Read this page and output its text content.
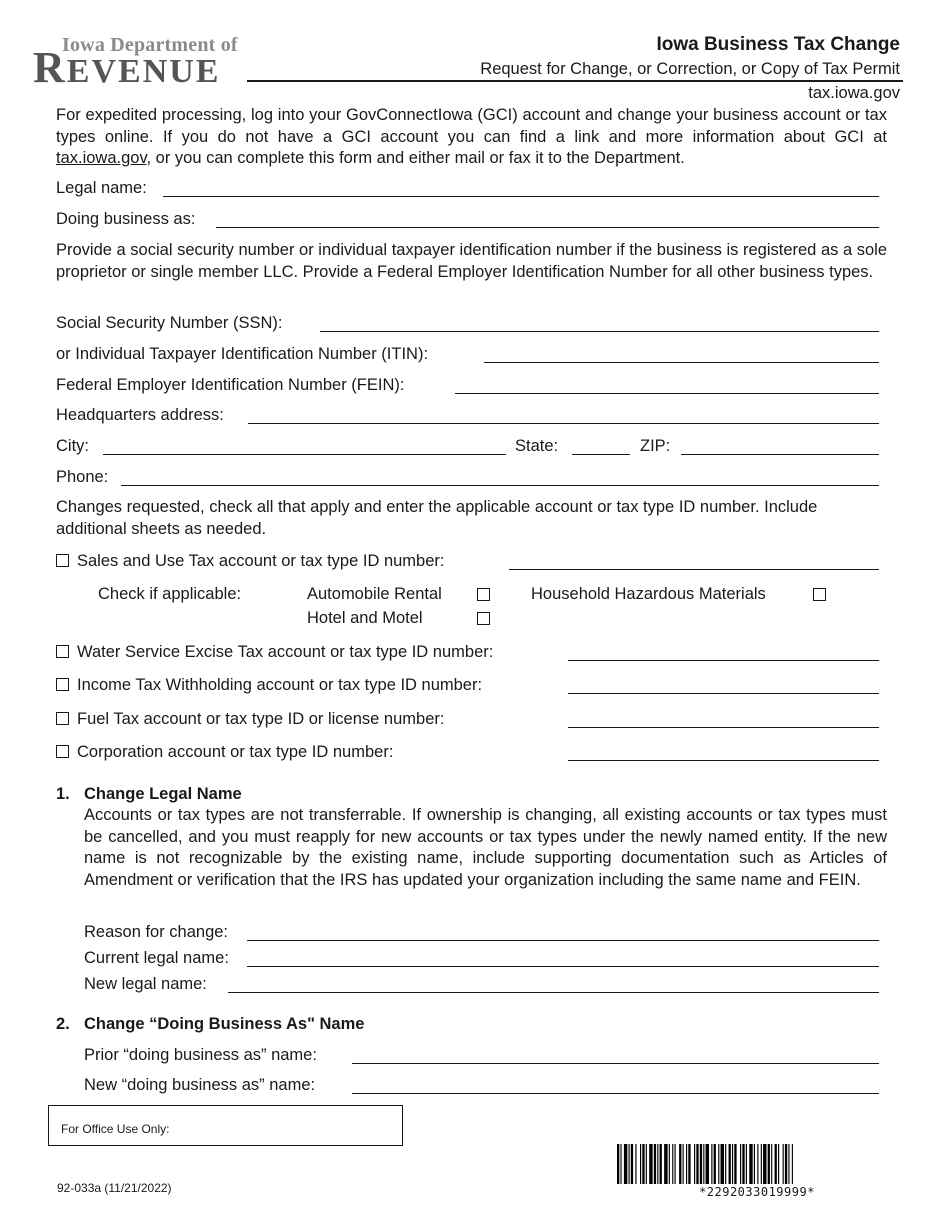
Iowa Department of
REVENUE
Iowa Business Tax Change
Request for Change, or Correction, or Copy of Tax Permit
tax.iowa.gov
For expedited processing, log into your GovConnectIowa (GCI) account and change your business account or tax types online. If you do not have a GCI account you can find a link and more information about GCI at tax.iowa.gov, or you can complete this form and either mail or fax it to the Department.
Legal name:
Doing business as:
Provide a social security number or individual taxpayer identification number if the business is registered as a sole proprietor or single member LLC. Provide a Federal Employer Identification Number for all other business types.
Social Security Number (SSN):
or Individual Taxpayer Identification Number (ITIN):
Federal Employer Identification Number (FEIN):
Headquarters address:
City:	State:	ZIP:
Phone:
Changes requested, check all that apply and enter the applicable account or tax type ID number. Include additional sheets as needed.
Sales and Use Tax account or tax type ID number:
Check if applicable:	Automobile Rental	Household Hazardous Materials
Hotel and Motel
Water Service Excise Tax account or tax type ID number:
Income Tax Withholding account or tax type ID number:
Fuel Tax account or tax type ID or license number:
Corporation account or tax type ID number:
1. Change Legal Name
Accounts or tax types are not transferrable. If ownership is changing, all existing accounts or tax types must be cancelled, and you must reapply for new accounts or tax types under the newly named entity. If the new name is not recognizable by the existing name, include supporting documentation such as Articles of Amendment or verification that the IRS has updated your organization including the same name and FEIN.
Reason for change:
Current legal name:
New legal name:
2. Change “Doing Business As" Name
Prior “doing business as” name:
New “doing business as” name:
For Office Use Only:
92-033a (11/21/2022)	*2292033019999*
